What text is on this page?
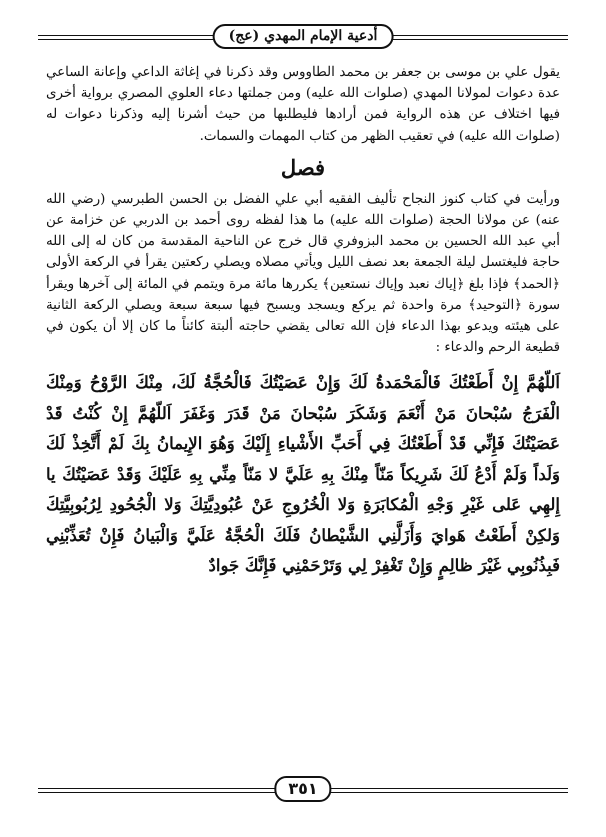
أدعية الإمام المهدي (عج)

يقول علي بن موسى بن جعفر بن محمد الطاووس وقد ذكرنا في إغاثة الداعي وإعانة الساعي عدة دعوات لمولانا المهدي (صلوات الله عليه) ومن جملتها دعاء العلوي المصري برواية أخرى فيها اختلاف عن هذه الرواية فمن أرادها فليطلبها من حيث أشرنا إليه وذكرنا دعوات له (صلوات الله عليه) في تعقيب الظهر من كتاب المهمات والسمات.

فصل

ورأيت في كتاب كنوز النجاح تأليف الفقيه أبي علي الفضل بن الحسن الطبرسي (رضي الله عنه) عن مولانا الحجة (صلوات الله عليه) ما هذا لفظه روى أحمد بن الدربي عن خزامة عن أبي عبد الله الحسين بن محمد البزوفري قال خرج عن الناحية المقدسة من كان له إلى الله حاجة فليغتسل ليلة الجمعة بعد نصف الليل ويأتي مصلاه ويصلي ركعتين يقرأ في الركعة الأولى ﴿الحمد﴾ فإذا بلغ ﴿إياك نعبد وإياك نستعين﴾ يكررها مائة مرة ويتمم في المائة إلى آخرها ويقرأ سورة ﴿التوحيد﴾ مرة واحدة ثم يركع ويسجد ويسبح فيها سبعة سبعة ويصلي الركعة الثانية على هيئته ويدعو بهذا الدعاء فإن الله تعالى يقضي حاجته ألبتة كائناً ما كان إلا أن يكون في قطيعة الرحم والدعاء :

اَللّهُمَّ إِنْ أَطَعْتُكَ فَالْمَحْمَدةُ لَكَ وَإِنْ عَصَيْتُكَ فَالْحُجَّةُ لَكَ، مِنْكَ الرَّوْحُ وَمِنْكَ الْفَرَجُ سُبْحانَ مَنْ أَنْعَمَ وَشَكَرَ سُبْحانَ مَنْ قَدَرَ وَغَفَرَ اَللّهُمَّ إِنْ كُنْتُ قَدْ عَصَيْتُكَ فَإِنِّي قَدْ أَطَعْتُكَ فِي أَحَبِّ الأَشْياءِ إِلَيْكَ وَهُوَ الإِيمانُ بِكَ لَمْ أَتَّخِذْ لَكَ وَلَداً وَلَمْ أَدْعُ لَكَ شَرِيكاً مَنّاً مِنْكَ بِهِ عَلَيَّ لا مَنّاً مِنِّي بِهِ عَلَيْكَ وَقَدْ عَصَيْتُكَ يا إِلهِي عَلى غَيْرِ وَجْهِ الْمُكابَرَةِ وَلا الْخُرُوجِ عَنْ عُبُودِيَّتِكَ وَلا الْجُحُودِ لِرُبُوبِيَّتِكَ وَلكِنْ أَطَعْتُ هَوايَ وَأَزَلَّنِي الشَّيْطانُ فَلَكَ الْحُجَّةُ عَلَيَّ وَالْبَيانُ فَإِنْ تُعَذِّبْنِي فَبِذُنُوبِي غَيْرَ ظالِمٍ وَإِنْ تَغْفِرْ لِي وَتَرْحَمْنِي فَإِنَّكَ جَوادٌ

٣٥١
